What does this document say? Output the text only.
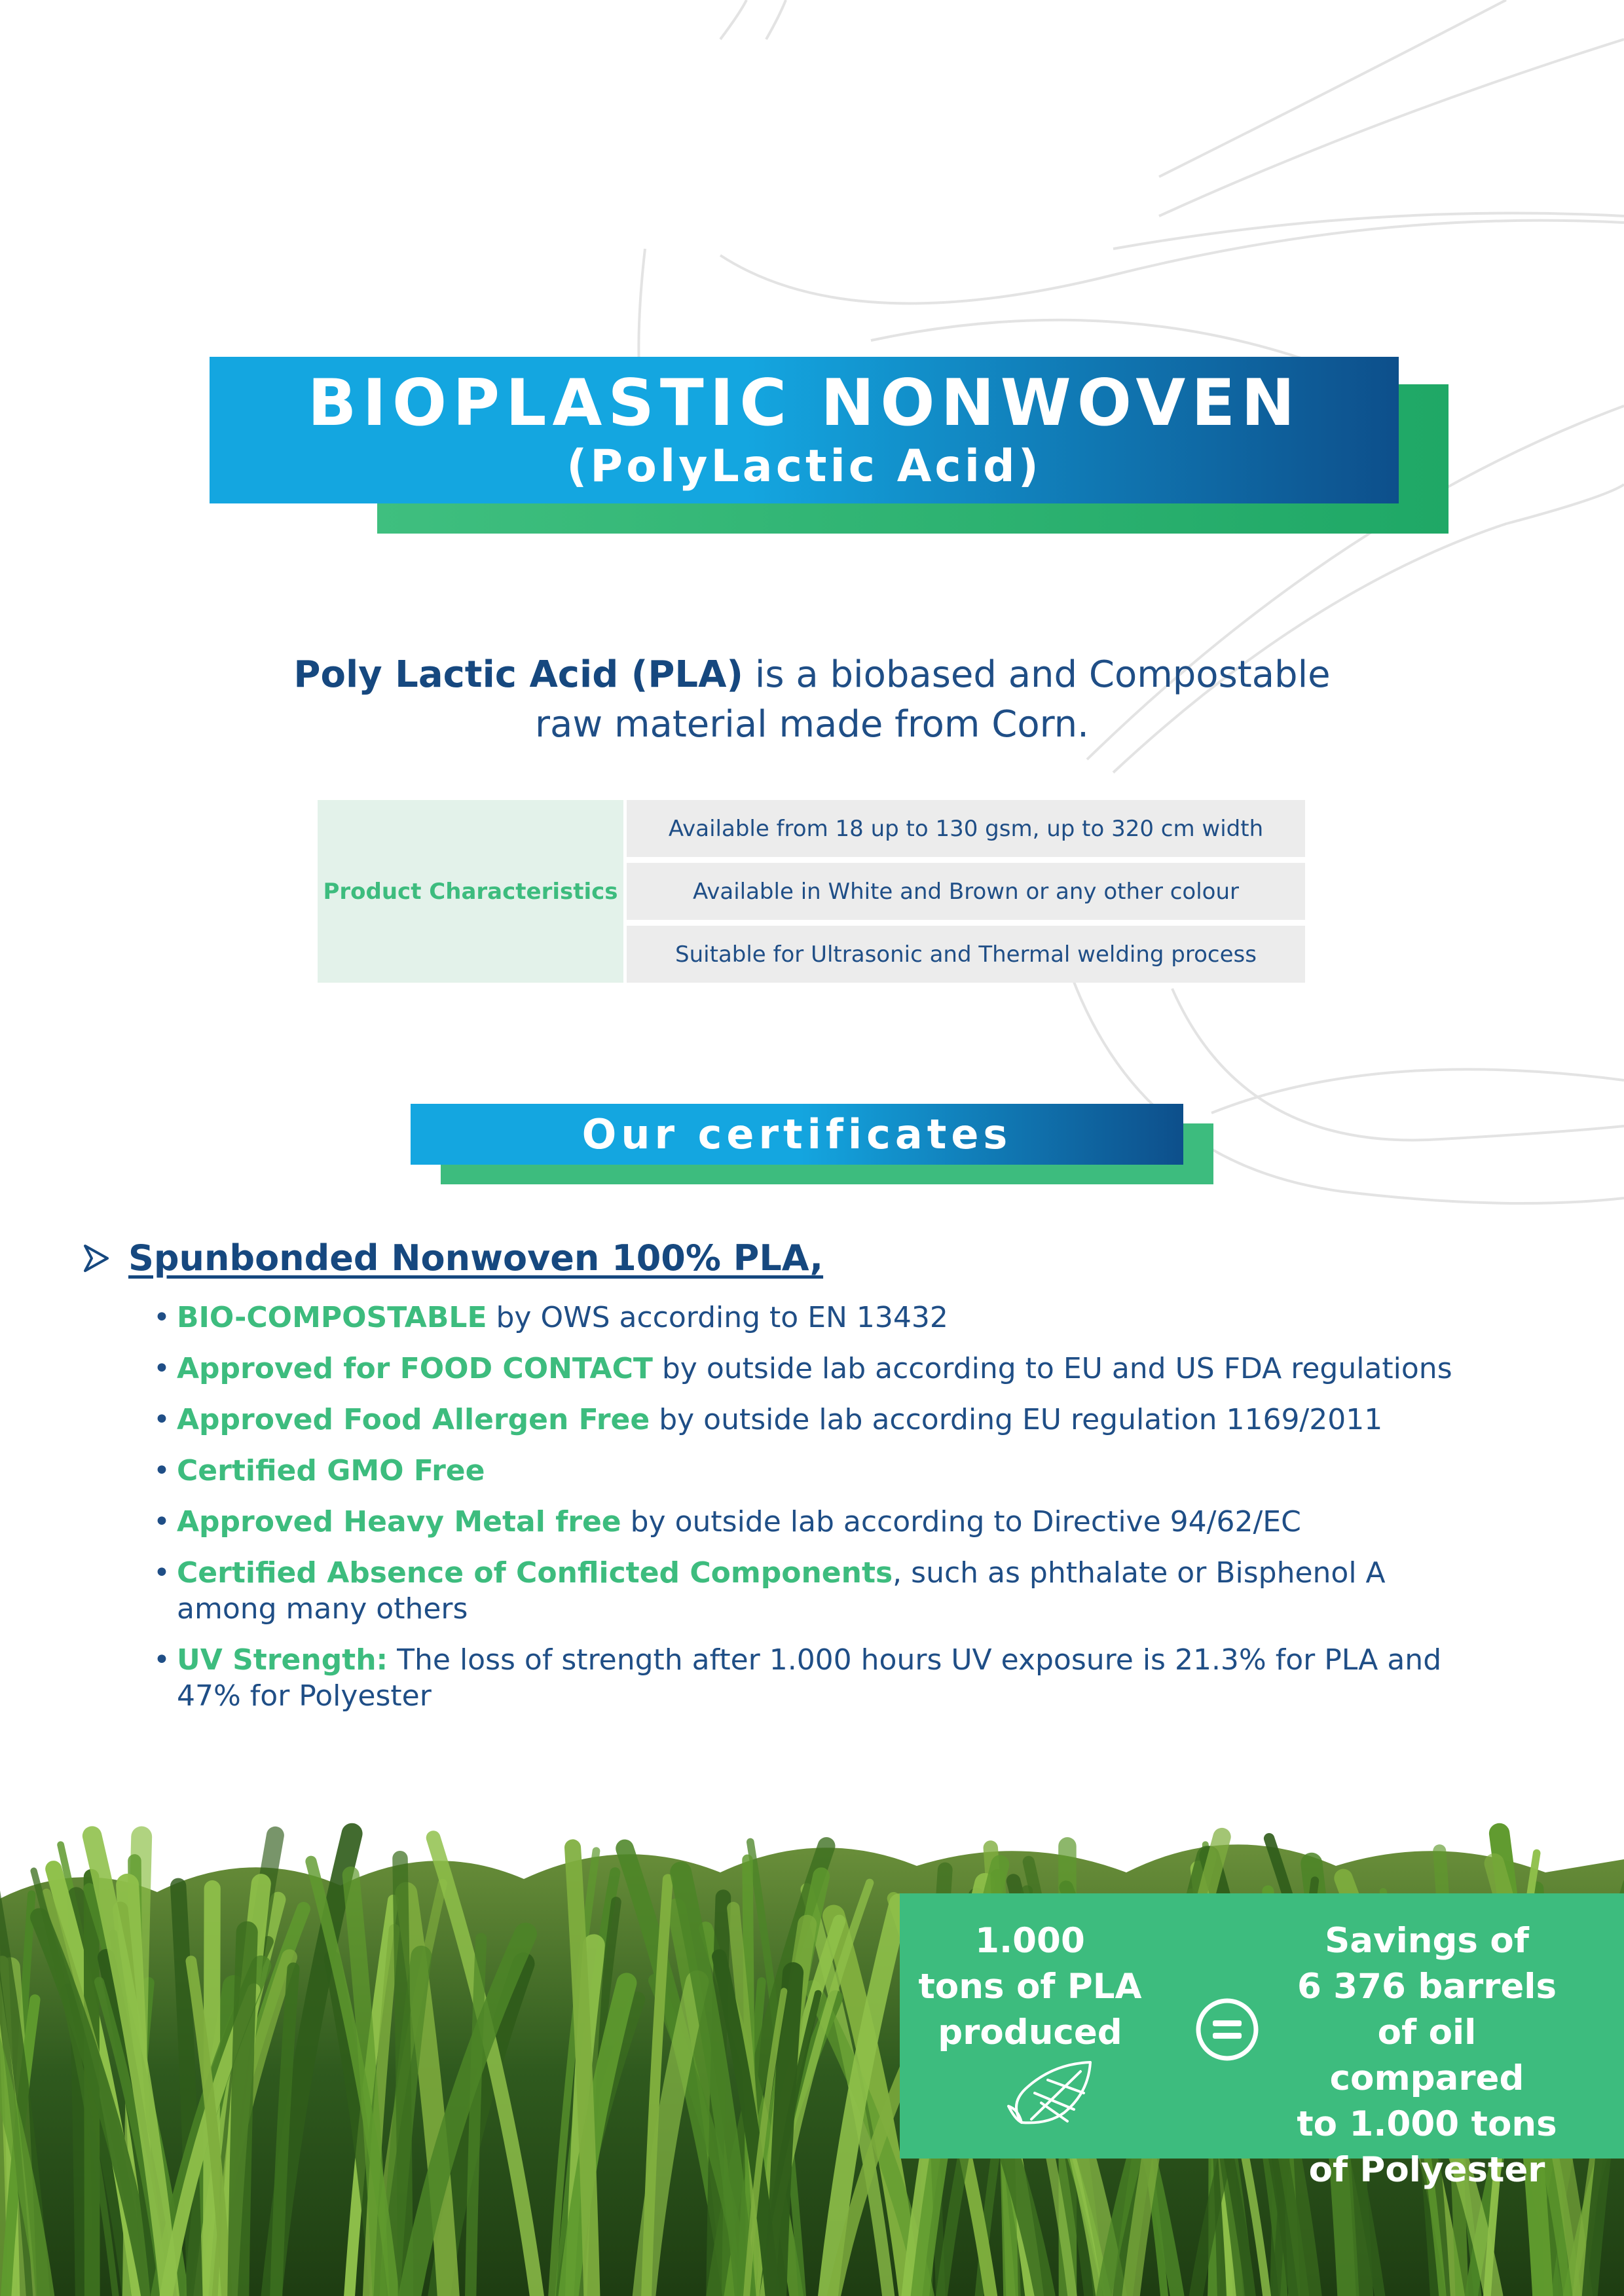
BIOPLASTIC NONWOVEN
(PolyLactic Acid)
Poly Lactic Acid (PLA) is a biobased and Compostable
raw material made from Corn.
Product Characteristics
Available from 18 up to 130 gsm, up to 320 cm width
Available in White and Brown or any other colour
Suitable for Ultrasonic and Thermal welding process
Our certificates
Spunbonded Nonwoven 100% PLA,
• BIO-COMPOSTABLE by OWS according to EN 13432
• Approved for FOOD CONTACT by outside lab according to EU and US FDA regulations
• Approved Food Allergen Free by outside lab according EU regulation 1169/2011
• Certified GMO Free
• Approved Heavy Metal free by outside lab according to Directive 94/62/EC
• Certified Absence of Conflicted Components, such as phthalate or Bisphenol A among many others
• UV Strength: The loss of strength after 1.000 hours UV exposure is 21.3% for PLA and 47% for Polyester
1.000
tons of PLA
produced
Savings of
6 376 barrels
of oil compared
to 1.000 tons
of Polyester
